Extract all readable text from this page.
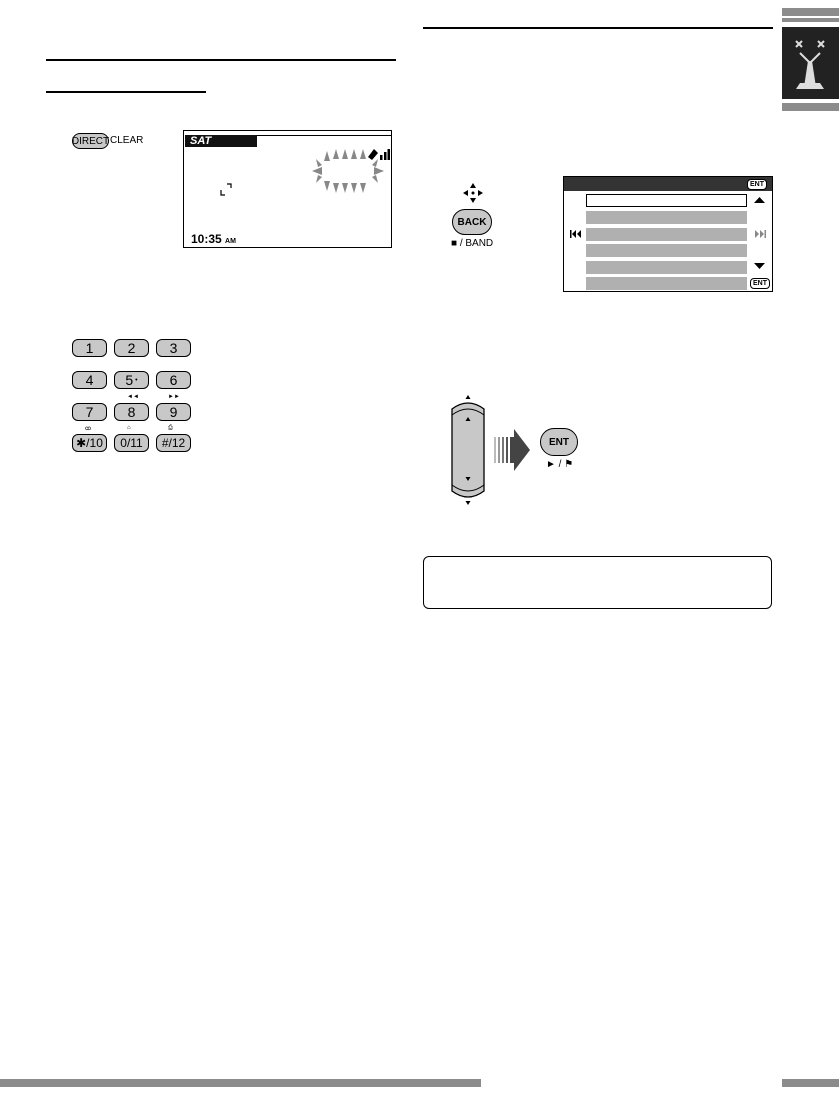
DIRECT CLEAR	SAT
10:35 AM
1 2 3
4 5 • 6
◄◄	►►
7 8 9
ꝏ	⌂	⎙
✱/10 0/11 #/12
BACK
■ / BAND
ENT
ENT
ENT
► / ⚑
